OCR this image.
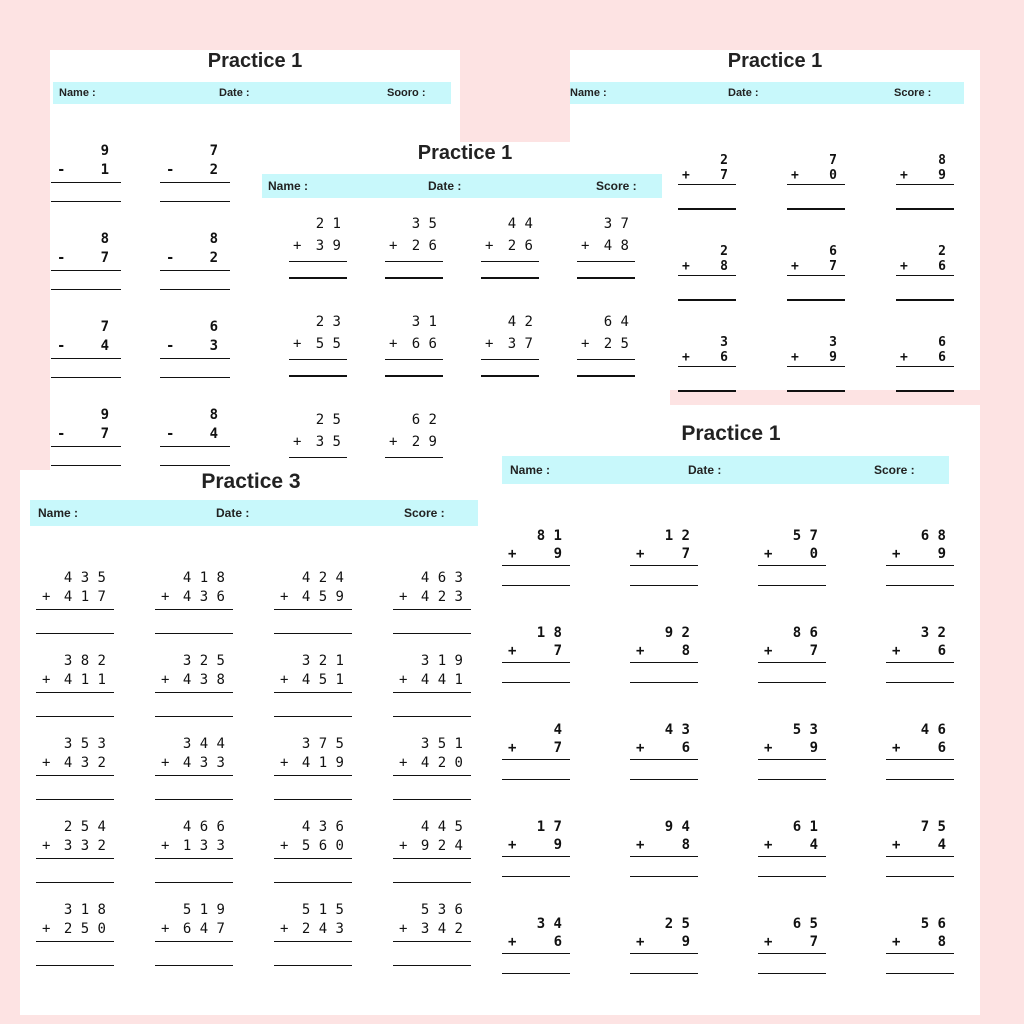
Practice 1
Name :	Date :	Sooro :
9
-	1
7
-	2
8
-	7
8
-	2
7
-	4
6
-	3
9
-	7
8
-	4
Practice 1
Name :	Date :	Score :
2
+ 7
7
+ 0
8
+ 9
2
+ 8
6
+ 7
2
+ 6
3
+ 6
3
+ 9
6
+ 6
Practice 1
Name :	Date :	Score :
2 1
+ 3 9
3 5
+ 2 6
4 4
+ 2 6
3 7
+ 4 8
2 3
+ 5 5
3 1
+ 6 6
4 2
+ 3 7
6 4
+ 2 5
2 5
+ 3 5
6 2
+ 2 9
Practice 3
Name :	Date :	Score :
4 3 5
+ 4 1 7
4 1 8
+ 4 3 6
4 2 4
+ 4 5 9
4 6 3
+ 4 2 3
3 8 2
+ 4 1 1
3 2 5
+ 4 3 8
3 2 1
+ 4 5 1
3 1 9
+ 4 4 1
3 5 3
+ 4 3 2
3 4 4
+ 4 3 3
3 7 5
+ 4 1 9
3 5 1
+ 4 2 0
2 5 4
+ 3 3 2
4 6 6
+ 1 3 3
4 3 6
+ 5 6 0
4 4 5
+ 9 2 4
3 1 8
+ 2 5 0
5 1 9
+ 6 4 7
5 1 5
+ 2 4 3
5 3 6
+ 3 4 2
Practice 1
Name :	Date :	Score :
8 1
+	9
1 2
+	7
5 7
+	0
6 8
+	9
1 8
+	7
9 2
+	8
8 6
+	7
3 2
+	6
4
+	7
4 3
+	6
5 3
+	9
4 6
+	6
1 7
+	9
9 4
+	8
6 1
+	4
7 5
+	4
3 4
+	6
2 5
+	9
6 5
+	7
5 6
+	8
